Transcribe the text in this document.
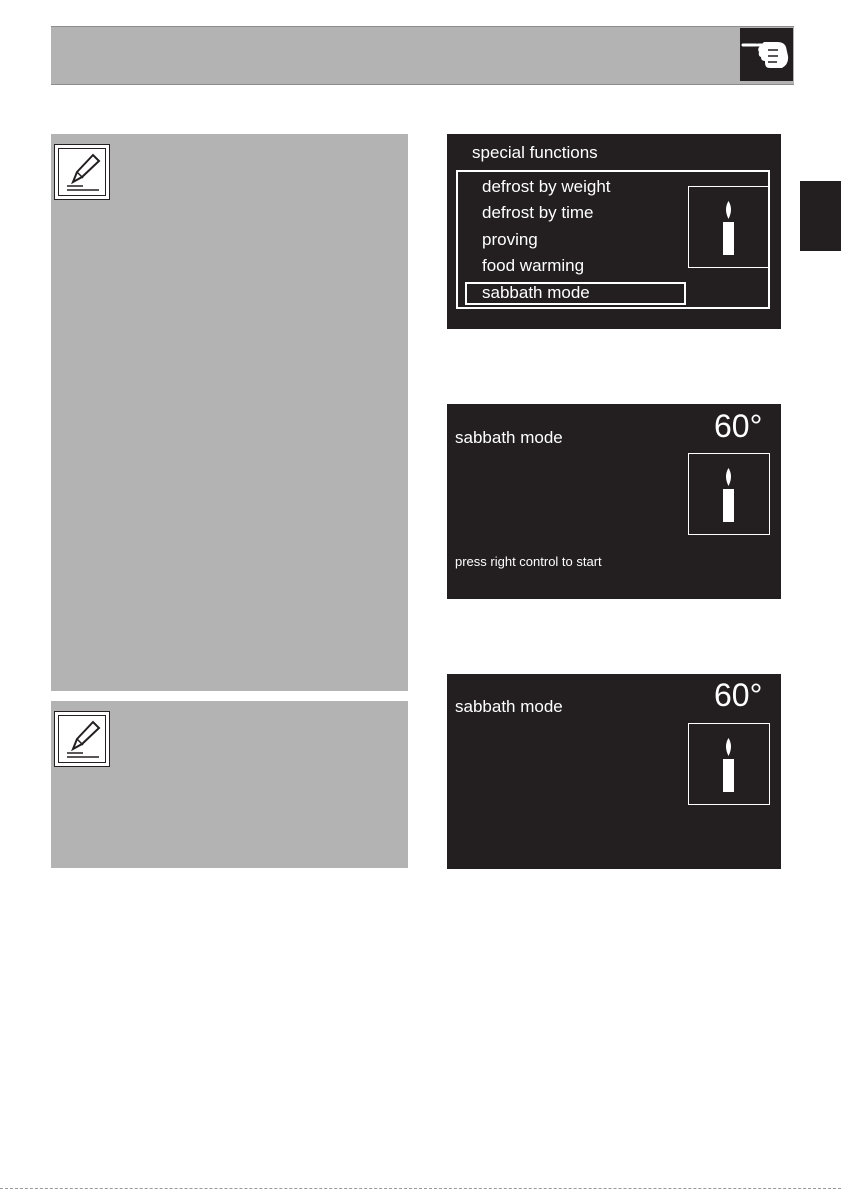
special functions
defrost by weight
defrost by time
proving
food warming
sabbath mode
sabbath mode	60°
press right control to start
sabbath mode	60°
